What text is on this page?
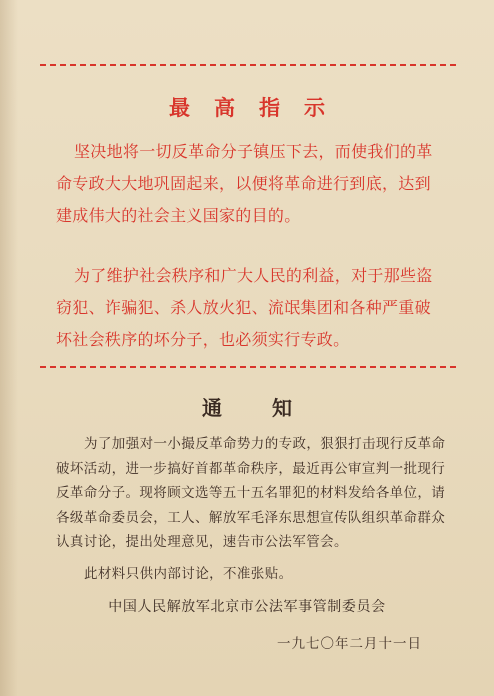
最高指示
坚决地将一切反革命分子镇压下去，而使我们的革命专政大大地巩固起来，以便将革命进行到底，达到建成伟大的社会主义国家的目的。
为了维护社会秩序和广大人民的利益，对于那些盗窃犯、诈骗犯、杀人放火犯、流氓集团和各种严重破坏社会秩序的坏分子，也必须实行专政。
通知
为了加强对一小撮反革命势力的专政，狠狠打击现行反革命破坏活动，进一步搞好首都革命秩序，最近再公审宣判一批现行反革命分子。现将顾文选等五十五名罪犯的材料发给各单位，请各级革命委员会，工人、解放军毛泽东思想宣传队组织革命群众认真讨论，提出处理意见，速告市公法军管会。
此材料只供内部讨论，不准张贴。
中国人民解放军北京市公法军事管制委员会
一九七〇年二月十一日
